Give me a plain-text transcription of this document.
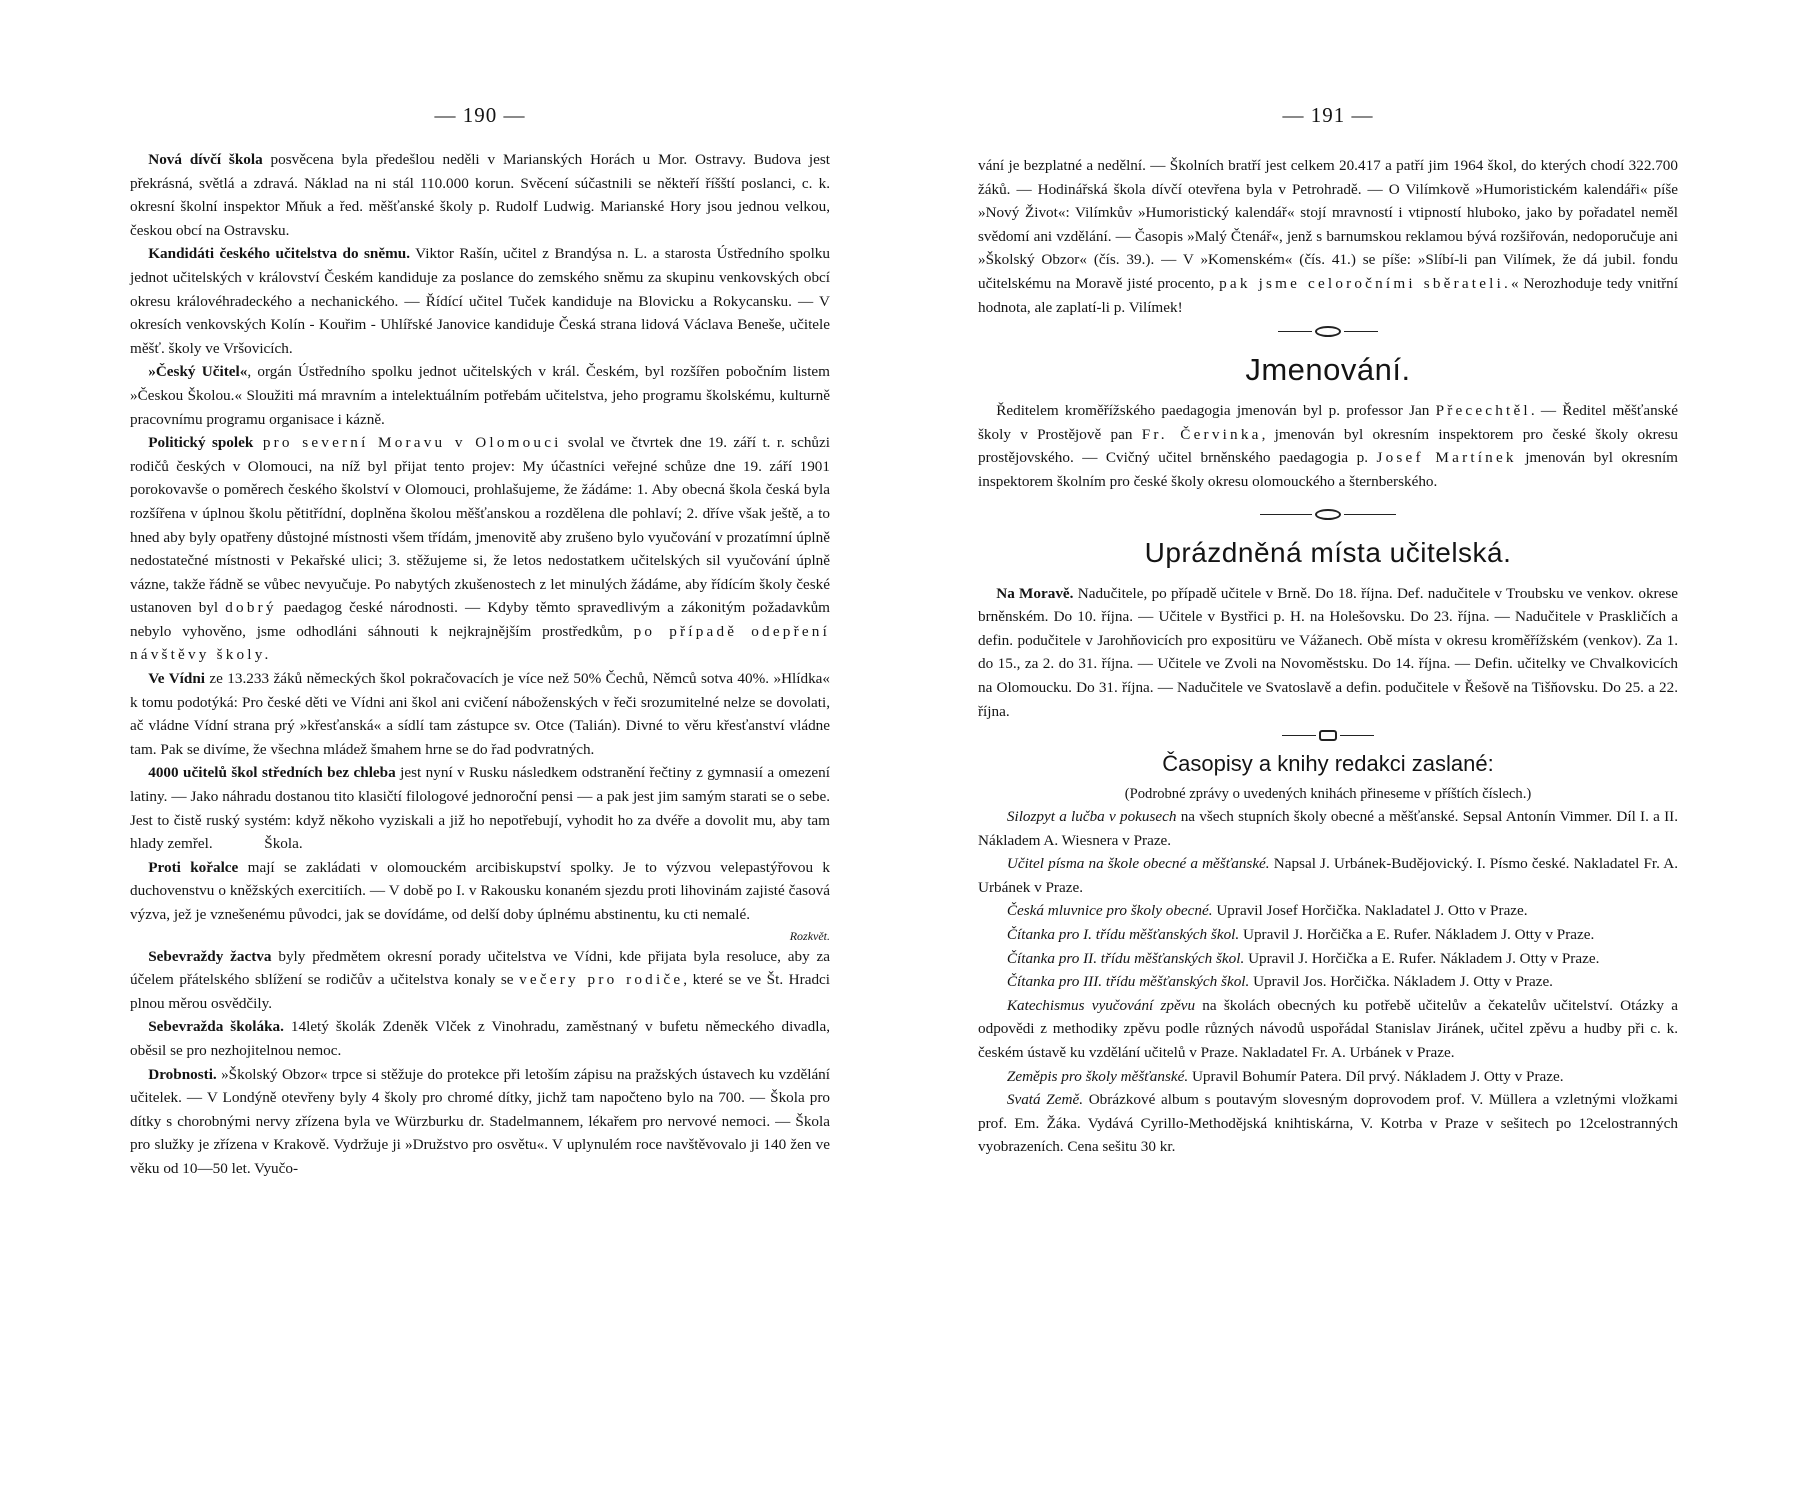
— 190 —

Nová dívčí škola posvěcena byla předešlou neděli v Marianských Horách u Mor. Ostravy. Budova jest překrásná, světlá a zdravá. Náklad na ni stál 110.000 korun. Svěcení súčastnili se někteří říšští poslanci, c. k. okresní školní inspektor Mňuk a řed. měšťanské školy p. Rudolf Ludwig. Marianské Hory jsou jednou velkou, českou obcí na Ostravsku.

Kandidáti českého učitelstva do sněmu. Viktor Rašín, učitel z Brandýsa n. L. a starosta Ústředního spolku jednot učitelských v království Českém kandiduje za poslance do zemského sněmu za skupinu venkovských obcí okresu královéhradeckého a nechanického. — Řídící učitel Tuček kandiduje na Blovicku a Rokycansku. — V okresích venkovských Kolín - Kouřim - Uhlířské Janovice kandiduje Česká strana lidová Václava Beneše, učitele měšť. školy ve Vršovicích.

»Český Učitel«, orgán Ústředního spolku jednot učitelských v král. Českém, byl rozšířen pobočním listem »Českou Školou.« Sloužiti má mravním a intelektuálním potřebám učitelstva, jeho programu školskému, kulturně pracovnímu programu organisace i kázně.

Politický spolek pro severní Moravu v Olomouci svolal ve čtvrtek dne 19. září t. r. schůzi rodičů českých v Olomouci, na níž byl přijat tento projev: My účastníci veřejné schůze dne 19. září 1901 porokovavše o poměrech českého školství v Olomouci, prohlašujeme, že žádáme: 1. Aby obecná škola česká byla rozšířena v úplnou školu pětitřídní, doplněna školou měšťanskou a rozdělena dle pohlaví; 2. dříve však ještě, a to hned aby byly opatřeny důstojné místnosti všem třídám, jmenovitě aby zrušeno bylo vyučování v prozatímní úplně nedostatečné místnosti v Pekařské ulici; 3. stěžujeme si, že letos nedostatkem učitelských sil vyučování úplně vázne, takže řádně se vůbec nevyučuje. Po nabytých zkušenostech z let minulých žádáme, aby řídícím školy české ustanoven byl dobrý paedagog české národnosti. — Kdyby těmto spravedlivým a zákonitým požadavkům nebylo vyhověno, jsme odhodláni sáhnouti k nejkrajnějším prostředkům, po případě odepření návštěvy školy.

Ve Vídni ze 13.233 žáků německých škol pokračovacích je více než 50% Čechů, Němců sotva 40%. »Hlídka« k tomu podotýká: Pro české děti ve Vídni ani škol ani cvičení náboženských v řeči srozumitelné nelze se dovolati, ač vládne Vídní strana prý »křesťanská« a sídlí tam zástupce sv. Otce (Talián). Divné to věru křesťanství vládne tam. Pak se divíme, že všechna mládež šmahem hrne se do řad podvratných.

4000 učitelů škol středních bez chleba jest nyní v Rusku následkem odstranění řečtiny z gymnasií a omezení latiny. — Jako náhradu dostanou tito klasičtí filologové jednoroční pensi — a pak jest jim samým starati se o sebe. Jest to čistě ruský systém: když někoho vyziskali a již ho nepotřebují, vyhodit ho za dvéře a dovolit mu, aby tam hlady zemřel.	Škola.

Proti kořalce mají se zakládati v olomouckém arcibiskupství spolky. Je to výzvou velepastýřovou k duchovenstvu o kněžských exercitiích. — V době po I. v Rakousku konaném sjezdu proti lihovinám zajisté časová výzva, jež je vznešenému původci, jak se dovídáme, od delší doby úplnému abstinentu, ku cti nemalé.

Rozkvět.

Sebevraždy žactva byly předmětem okresní porady učitelstva ve Vídni, kde přijata byla resoluce, aby za účelem přátelského sblížení se rodičův a učitelstva konaly se večery pro rodiče, které se ve Št. Hradci plnou měrou osvědčily.

Sebevražda školáka. 14letý školák Zdeněk Vlček z Vinohradu, zaměstnaný v bufetu německého divadla, oběsil se pro nezhojitelnou nemoc.

Drobnosti. »Školský Obzor« trpce si stěžuje do protekce při letoším zápisu na pražských ústavech ku vzdělání učitelek. — V Londýně otevřeny byly 4 školy pro chromé dítky, jichž tam napočteno bylo na 700. — Škola pro dítky s chorobnými nervy zřízena byla ve Würzburku dr. Stadelmannem, lékařem pro nervové nemoci. — Škola pro služky je zřízena v Krakově. Vydržuje ji »Družstvo pro osvětu«. V uplynulém roce navštěvovalo ji 140 žen ve věku od 10—50 let. Vyučo-

— 191 —

vání je bezplatné a nedělní. — Školních bratří jest celkem 20.417 a patří jim 1964 škol, do kterých chodí 322.700 žáků. — Hodinářská škola dívčí otevřena byla v Petrohradě. — O Vilímkově »Humoristickém kalendáři« píše »Nový Život«: Vilímkův »Humoristický kalendář« stojí mravností i vtipností hluboko, jako by pořadatel neměl svědomí ani vzdělání. — Časopis »Malý Čtenář«, jenž s barnumskou reklamou bývá rozšiřován, nedoporučuje ani »Školský Obzor« (čís. 39.). — V »Komenském« (čís. 41.) se píše: »Slíbí-li pan Vilímek, že dá jubil. fondu učitelskému na Moravě jisté procento, pak jsme celoročními sběrateli.« Nerozhoduje tedy vnitřní hodnota, ale zaplatí-li p. Vilímek!

Jmenování.

Ředitelem kroměřížského paedagogia jmenován byl p. professor Jan Přecechtěl. — Ředitel měšťanské školy v Prostějově pan Fr. Červinka, jmenován byl okresním inspektorem pro české školy okresu prostějovského. — Cvičný učitel brněnského paedagogia p. Josef Martínek jmenován byl okresním inspektorem školním pro české školy okresu olomouckého a šternberského.

Uprázdněná místa učitelská.

Na Moravě. Nadučitele, po případě učitele v Brně. Do 18. října. Def. nadučitele v Troubsku ve venkov. okrese brněnském. Do 10. října. — Učitele v Bystřici p. H. na Holešovsku. Do 23. října. — Nadučitele v Praskličích a defin. podučitele v Jarohňovicích pro expositüru ve Vážanech. Obě místa v okresu kroměřížském (venkov). Za 1. do 15., za 2. do 31. října. — Učitele ve Zvoli na Novoměstsku. Do 14. října. — Defin. učitelky ve Chvalkovicích na Olomoucku. Do 31. října. — Nadučitele ve Svatoslavě a defin. podučitele v Řešově na Tišňovsku. Do 25. a 22. října.

Časopisy a knihy redakci zaslané:

(Podrobné zprávy o uvedených knihách přineseme v příštích číslech.)

Silozpyt a lučba v pokusech na všech stupních školy obecné a měšťanské. Sepsal Antonín Vimmer. Díl I. a II. Nákladem A. Wiesnera v Praze.

Učitel písma na škole obecné a měšťanské. Napsal J. Urbánek-Budějovický. I. Písmo české. Nakladatel Fr. A. Urbánek v Praze.

Česká mluvnice pro školy obecné. Upravil Josef Horčička. Nakladatel J. Otto v Praze.

Čítanka pro I. třídu měšťanských škol. Upravil J. Horčička a E. Rufer. Nákladem J. Otty v Praze.

Čítanka pro II. třídu měšťanských škol. Upravil J. Horčička a E. Rufer. Nákladem J. Otty v Praze.

Čítanka pro III. třídu měšťanských škol. Upravil Jos. Horčička. Nákladem J. Otty v Praze.

Katechismus vyučování zpěvu na školách obecných ku potřebě učitelův a čekatelův učitelství. Otázky a odpovědi z methodiky zpěvu podle různých návodů uspořádal Stanislav Jiránek, učitel zpěvu a hudby při c. k. českém ústavě ku vzdělání učitelů v Praze. Nakladatel Fr. A. Urbánek v Praze.

Zeměpis pro školy měšťanské. Upravil Bohumír Patera. Díl prvý. Nákladem J. Otty v Praze.

Svatá Země. Obrázkové album s poutavým slovesným doprovodem prof. V. Müllera a vzletnými vložkami prof. Em. Žáka. Vydává Cyrillo-Methodějská knihtiskárna, V. Kotrba v Praze v sešitech po 12celostranných vyobrazeních. Cena sešitu 30 kr.
